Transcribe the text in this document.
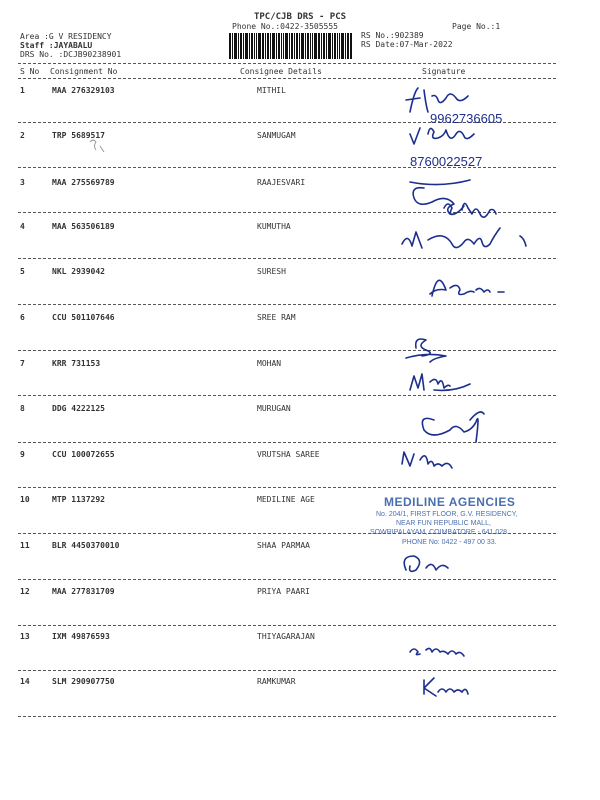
TPC/CJB DRS - PCS
Phone No.:0422-3505555	Page No.:1
Area :G V RESIDENCY
Staff :JAYABALU
DRS No. :DCJB90238901
RS No.:902389
RS Date:07-Mar-2022
S No Consignment No	Consignee Details	Signature
1	MAA 276329103	MITHIL
2	TRP 5689517	SANMUGAM
3	MAA 275569789	RAAJESVARI
4	MAA 563506189	KUMUTHA
5	NKL 2939042	SURESH
6	CCU 501107646	SREE RAM
7	KRR 731153	MOHAN
8	DDG 4222125	MURUGAN
9	CCU 100072655	VRUTSHA SAREE
10	MTP 1137292	MEDILINE AGE
11	BLR 4450370010	SHAA PARMAA
12	MAA 277831709	PRIYA PAARI
13	IXM 49876593	THIYAGARAJAN
14	SLM 290907750	RAMKUMAR
9962736605
8760022527
MEDILINE AGENCIES
No. 204/1, FIRST FLOOR, G.V. RESIDENCY,
NEAR FUN REPUBLIC MALL,
SOWRIPALAYAM, COIMBATORE - 641 028.
PHONE No: 0422 - 497 00 33.
